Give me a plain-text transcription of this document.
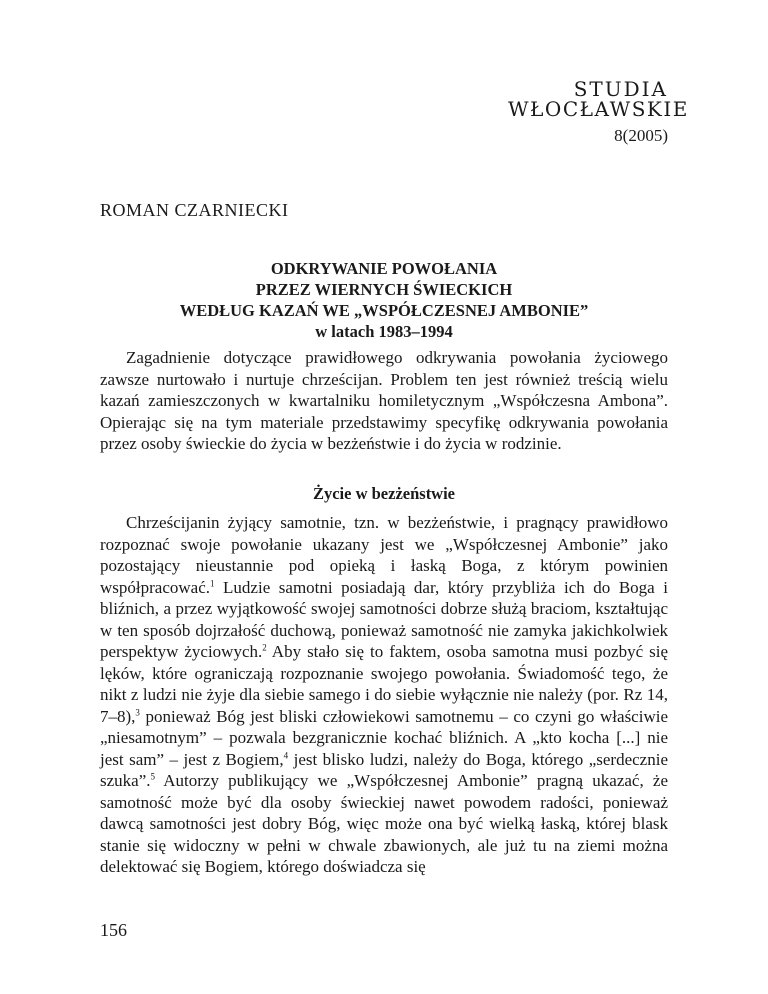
STUDIA
WŁOCŁAWSKIE
8(2005)
ROMAN CZARNIECKI
ODKRYWANIE POWOŁANIA
PRZEZ WIERNYCH ŚWIECKICH
WEDŁUG KAZAŃ WE „WSPÓŁCZESNEJ AMBONIE”
w latach 1983–1994

Zagadnienie dotyczące prawidłowego odkrywania powołania życiowego zawsze nurtowało i nurtuje chrześcijan. Problem ten jest również treścią wielu kazań zamieszczonych w kwartalniku homiletycznym „Współczesna Ambona”. Opierając się na tym materiale przedstawimy specyfikę odkrywania powołania przez osoby świeckie do życia w bezżeństwie i do życia w rodzinie.

Życie w bezżeństwie

Chrześcijanin żyjący samotnie, tzn. w bezżeństwie, i pragnący prawidłowo rozpoznać swoje powołanie ukazany jest we „Współczesnej Ambonie” jako pozostający nieustannie pod opieką i łaską Boga, z którym powinien współpracować.$^1$ Ludzie samotni posiadają dar, który przybliża ich do Boga i bliźnich, a przez wyjątkowość swojej samotności dobrze służą braciom, kształtując w ten sposób dojrzałość duchową, ponieważ samotność nie zamyka jakichkolwiek perspektyw życiowych.$^2$ Aby stało się to faktem, osoba samotna musi pozbyć się lęków, które ograniczają rozpoznanie swojego powołania. Świadomość tego, że nikt z ludzi nie żyje dla siebie samego i do siebie wyłącznie nie należy (por. Rz 14, 7–8),$^3$ ponieważ Bóg jest bliski człowiekowi samotnemu – co czyni go właściwie „niesamotnym” – pozwala bezgranicznie kochać bliźnich. A „kto kocha [...] nie jest sam” – jest z Bogiem,$^4$ jest blisko ludzi, należy do Boga, którego „serdecznie szuka”.$^5$ Autorzy publikujący we „Współczesnej Ambonie” pragną ukazać, że samotność może być dla osoby świeckiej nawet powodem radości, ponieważ dawcą samotności jest dobry Bóg, więc może ona być wielką łaską, której blask stanie się widoczny w pełni w chwale zbawionych, ale już tu na ziemi można delektować się Bogiem, którego doświadcza się

156
